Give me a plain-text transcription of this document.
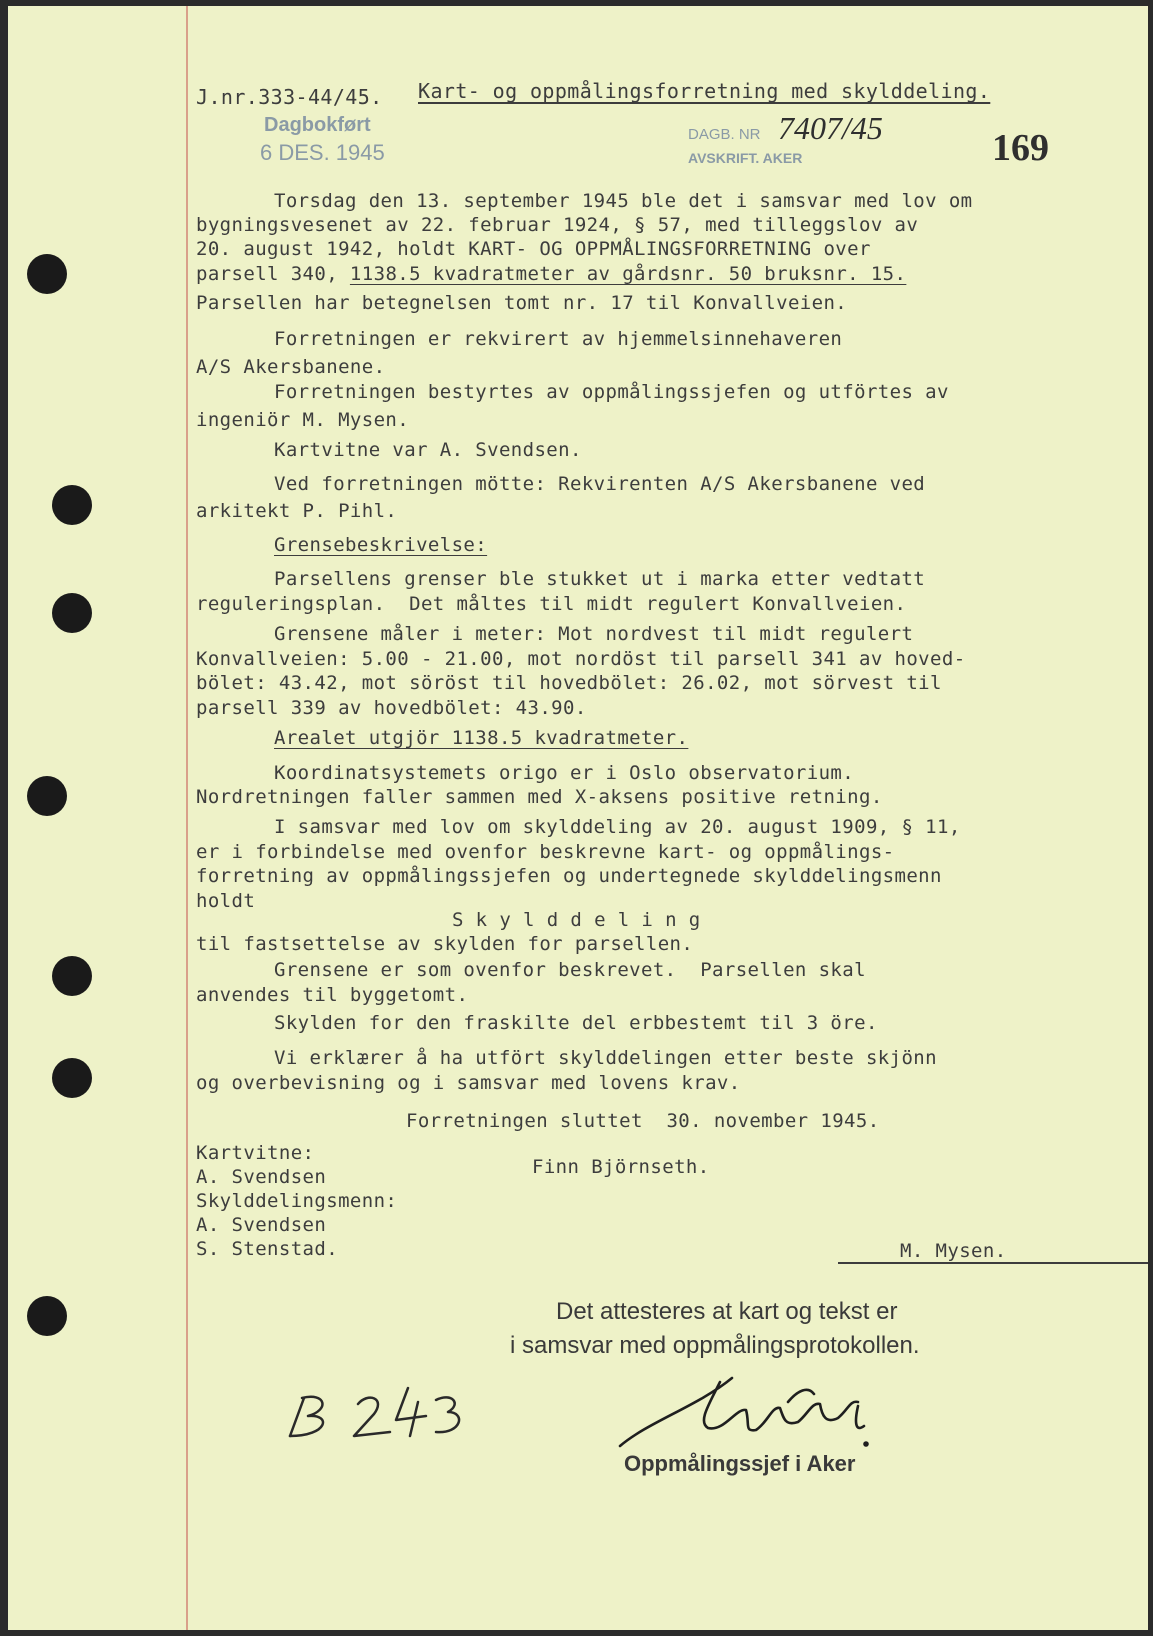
J.nr.333-44/45. Kart- og oppmålingsforretning med skylddeling.
Dagbokført
6 DES. 1945
DAGB. NR
AVSKRIFT. AKER
7407/45	169
Torsdag den 13. september 1945 ble det i samsvar med lov om
bygningsvesenet av 22. februar 1924, § 57, med tilleggslov av
20. august 1942, holdt KART- OG OPPMÅLINGSFORRETNING over
parsell 340, 1138.5 kvadratmeter av gårdsnr. 50 bruksnr. 15.
Parsellen har betegnelsen tomt nr. 17 til Konvallveien.
Forretningen er rekvirert av hjemmelsinnehaveren
A/S Akersbanene.
Forretningen bestyrtes av oppmålingssjefen og utförtes av
ingeniör M. Mysen.
Kartvitne var A. Svendsen.
Ved forretningen mötte: Rekvirenten A/S Akersbanene ved
arkitekt P. Pihl.
Grensebeskrivelse:
Parsellens grenser ble stukket ut i marka etter vedtatt
reguleringsplan.  Det måltes til midt regulert Konvallveien.
Grensene måler i meter: Mot nordvest til midt regulert
Konvallveien: 5.00 - 21.00, mot nordöst til parsell 341 av hoved-
bölet: 43.42, mot söröst til hovedbölet: 26.02, mot sörvest til
parsell 339 av hovedbölet: 43.90.
Arealet utgjör 1138.5 kvadratmeter.
Koordinatsystemets origo er i Oslo observatorium.
Nordretningen faller sammen med X-aksens positive retning.
I samsvar med lov om skylddeling av 20. august 1909, § 11,
er i forbindelse med ovenfor beskrevne kart- og oppmålings-
forretning av oppmålingssjefen og undertegnede skylddelingsmenn
holdt
S k y l d d e l i n g
til fastsettelse av skylden for parsellen.
Grensene er som ovenfor beskrevet.  Parsellen skal
anvendes til byggetomt.
Skylden for den fraskilte del erbbestemt til 3 öre.
Vi erklærer å ha utfört skylddelingen etter beste skjönn
og overbevisning og i samsvar med lovens krav.
Forretningen sluttet  30. november 1945.
Kartvitne:
A. Svendsen
Skylddelingsmenn:
A. Svendsen
S. Stenstad.
Finn Björnseth.
M. Mysen.
Det attesteres at kart og tekst er
i samsvar med oppmålingsprotokollen.
Oppmålingssjef i Aker
